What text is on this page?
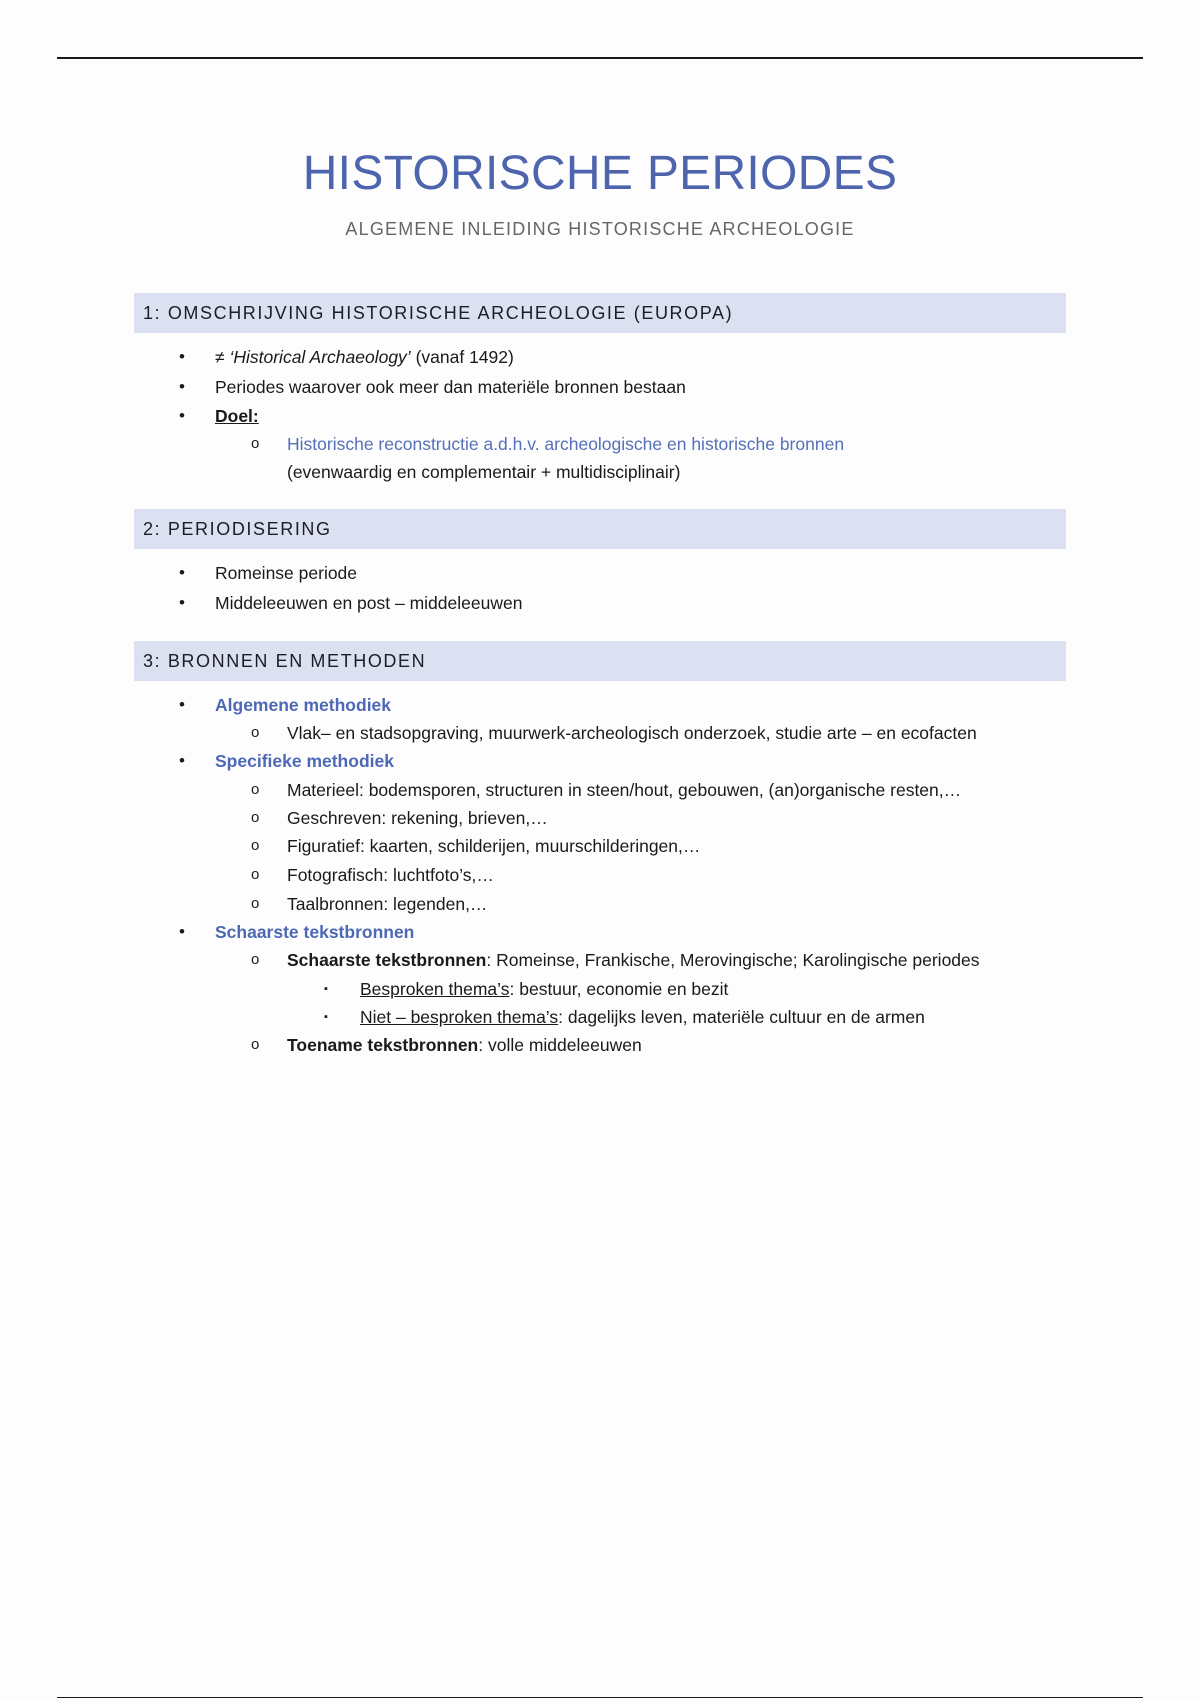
HISTORISCHE PERIODES
ALGEMENE INLEIDING HISTORISCHE ARCHEOLOGIE
1: OMSCHRIJVING HISTORISCHE ARCHEOLOGIE (EUROPA)
• ≠ ‘Historical Archaeology’ (vanaf 1492)
• Periodes waarover ook meer dan materiële bronnen bestaan
• Doel:
o Historische reconstructie a.d.h.v. archeologische en historische bronnen
(evenwaardig en complementair + multidisciplinair)
2: PERIODISERING
• Romeinse periode
• Middeleeuwen en post – middeleeuwen
3: BRONNEN EN METHODEN
• Algemene methodiek
o Vlak– en stadsopgraving, muurwerk-archeologisch onderzoek, studie arte – en ecofacten
• Specifieke methodiek
o Materieel: bodemsporen, structuren in steen/hout, gebouwen, (an)organische resten,…
o Geschreven: rekening, brieven,…
o Figuratief: kaarten, schilderijen, muurschilderingen,…
o Fotografisch: luchtfoto’s,…
o Taalbronnen: legenden,…
• Schaarste tekstbronnen
o Schaarste tekstbronnen: Romeinse, Frankische, Merovingische; Karolingische periodes
▪ Besproken thema’s: bestuur, economie en bezit
▪ Niet – besproken thema’s: dagelijks leven, materiële cultuur en de armen
o Toename tekstbronnen: volle middeleeuwen
